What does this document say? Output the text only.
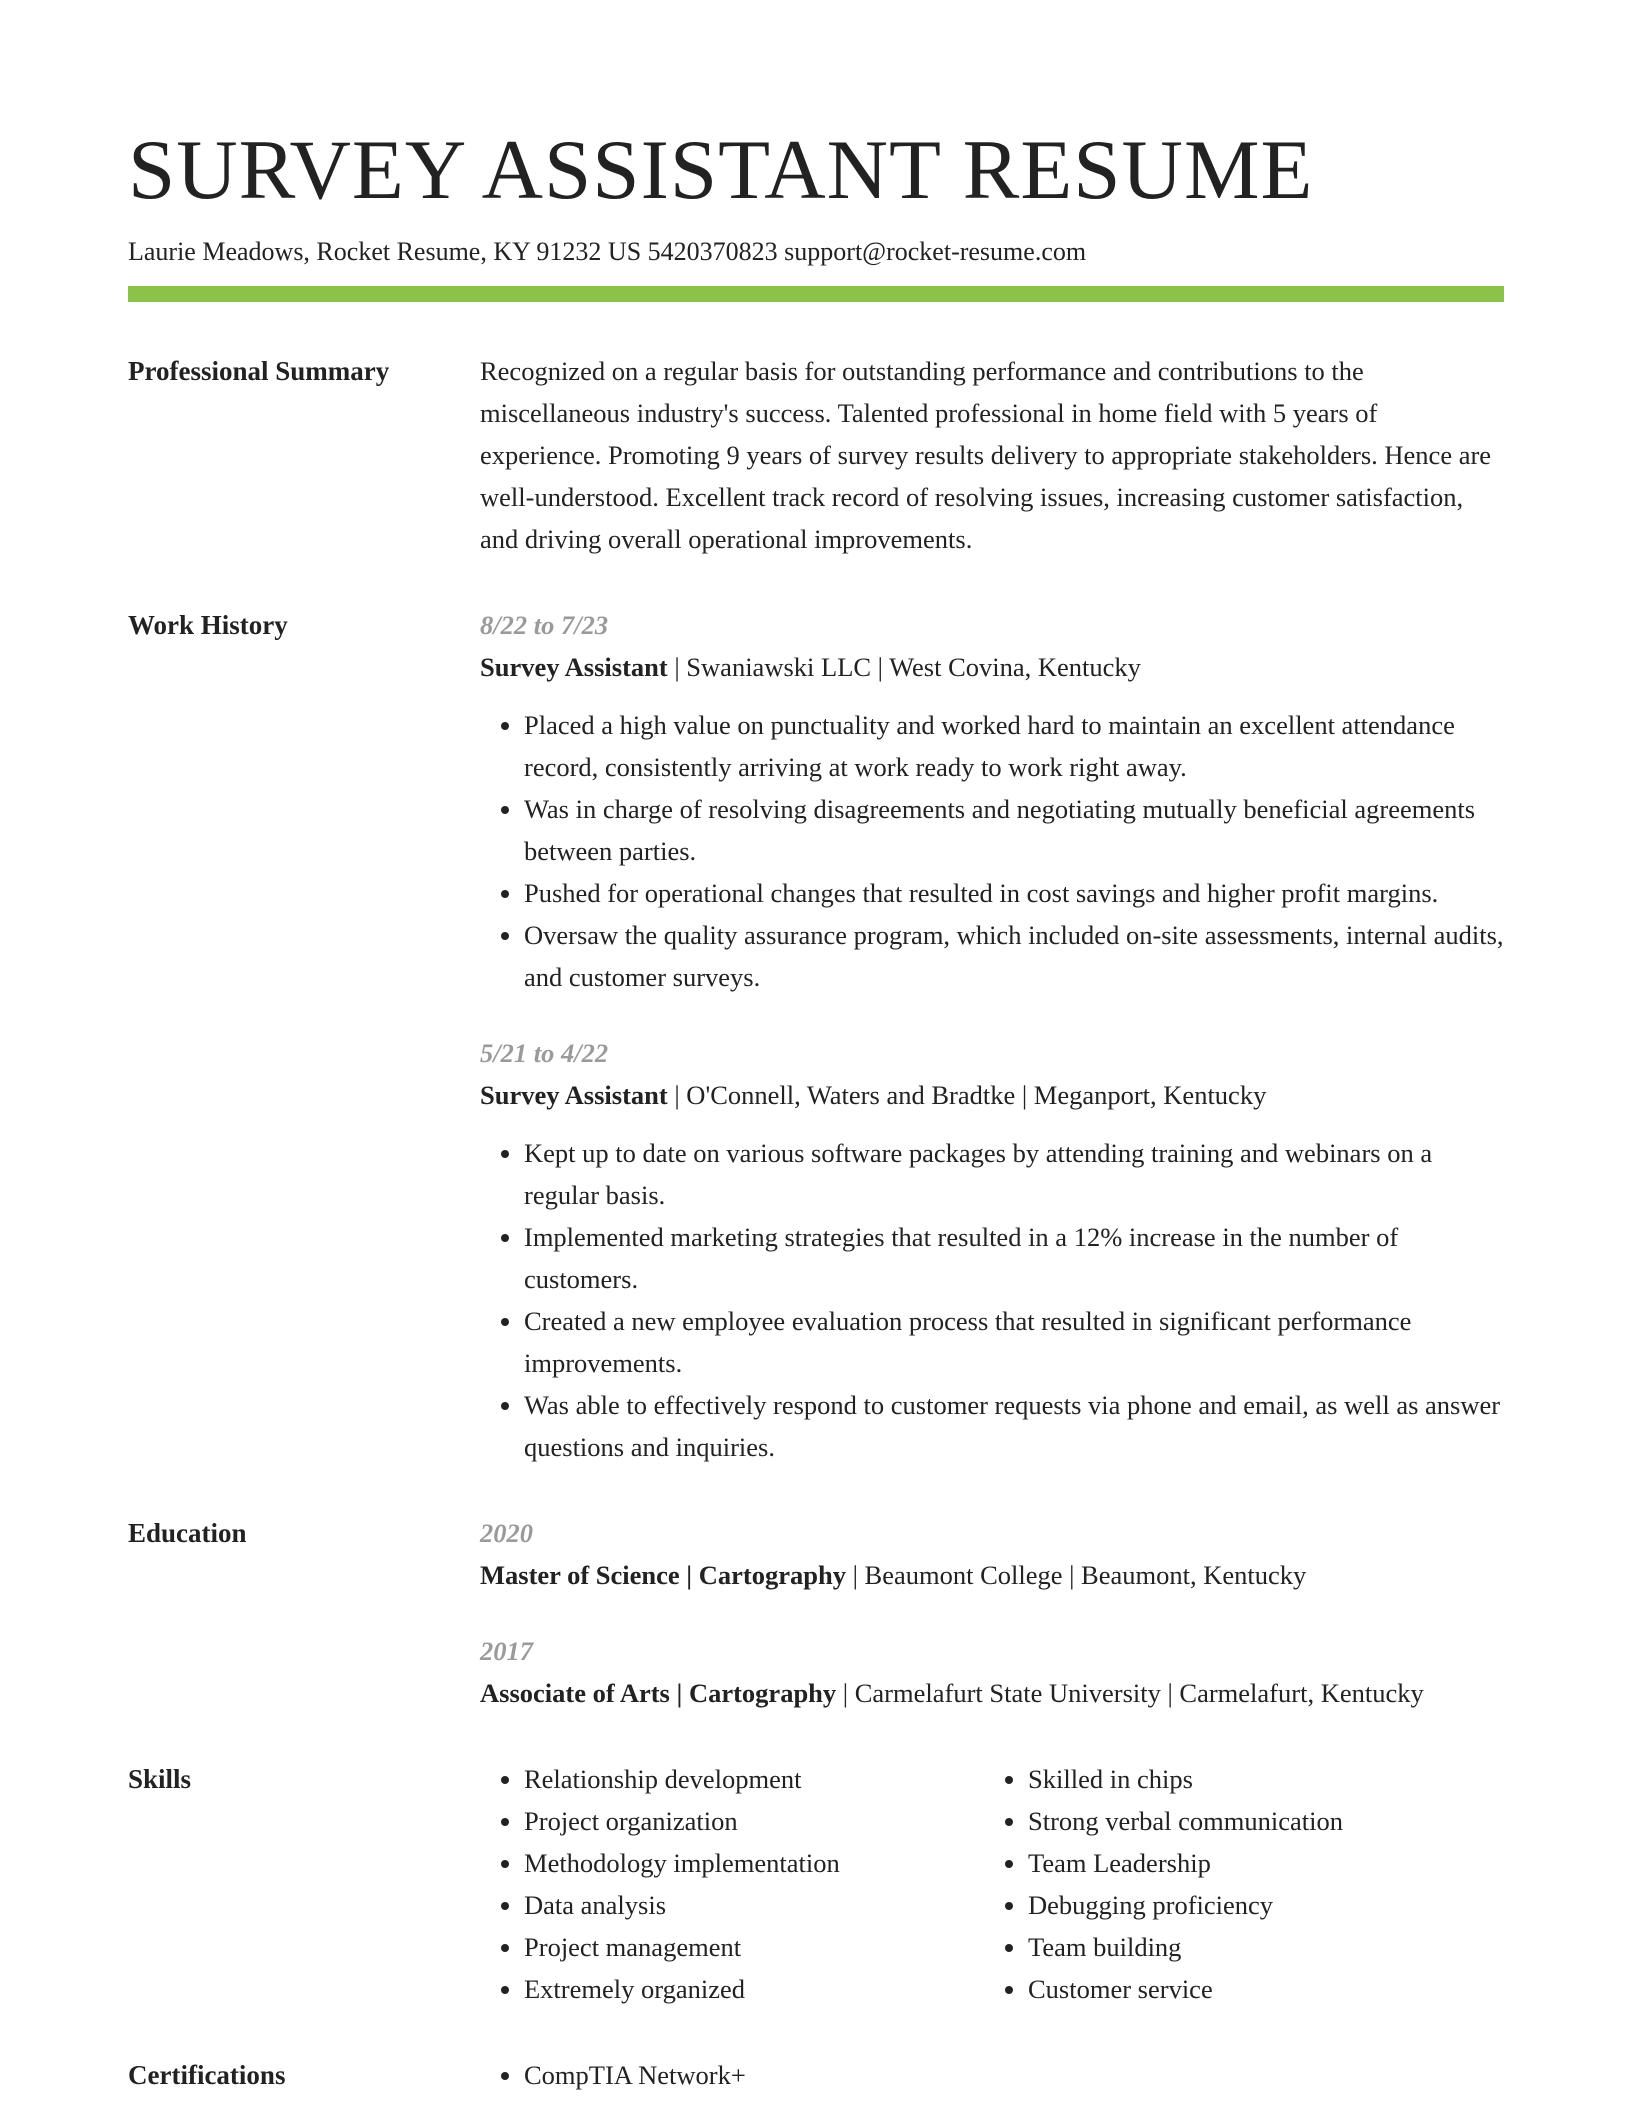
SURVEY ASSISTANT RESUME
Laurie Meadows, Rocket Resume, KY 91232 US 5420370823 support@rocket-resume.com
Professional Summary	Recognized on a regular basis for outstanding performance and contributions to the miscellaneous industry's success. Talented professional in home field with 5 years of experience. Promoting 9 years of survey results delivery to appropriate stakeholders. Hence are well-understood. Excellent track record of resolving issues, increasing customer satisfaction, and driving overall operational improvements.

Work History	8/22 to 7/23
Survey Assistant | Swaniawski LLC | West Covina, Kentucky
• Placed a high value on punctuality and worked hard to maintain an excellent attendance record, consistently arriving at work ready to work right away.
• Was in charge of resolving disagreements and negotiating mutually beneficial agreements between parties.
• Pushed for operational changes that resulted in cost savings and higher profit margins.
• Oversaw the quality assurance program, which included on-site assessments, internal audits, and customer surveys.
5/21 to 4/22
Survey Assistant | O'Connell, Waters and Bradtke | Meganport, Kentucky
• Kept up to date on various software packages by attending training and webinars on a regular basis.
• Implemented marketing strategies that resulted in a 12% increase in the number of customers.
• Created a new employee evaluation process that resulted in significant performance improvements.
• Was able to effectively respond to customer requests via phone and email, as well as answer questions and inquiries.
Education	2020
Master of Science | Cartography | Beaumont College | Beaumont, Kentucky
2017
Associate of Arts | Cartography | Carmelafurt State University | Carmelafurt, Kentucky
Skills	• Relationship development
• Project organization
• Methodology implementation
• Data analysis
• Project management
• Extremely organized
• Skilled in chips
• Strong verbal communication
• Team Leadership
• Debugging proficiency
• Team building
• Customer service
Certifications	• CompTIA Network+
